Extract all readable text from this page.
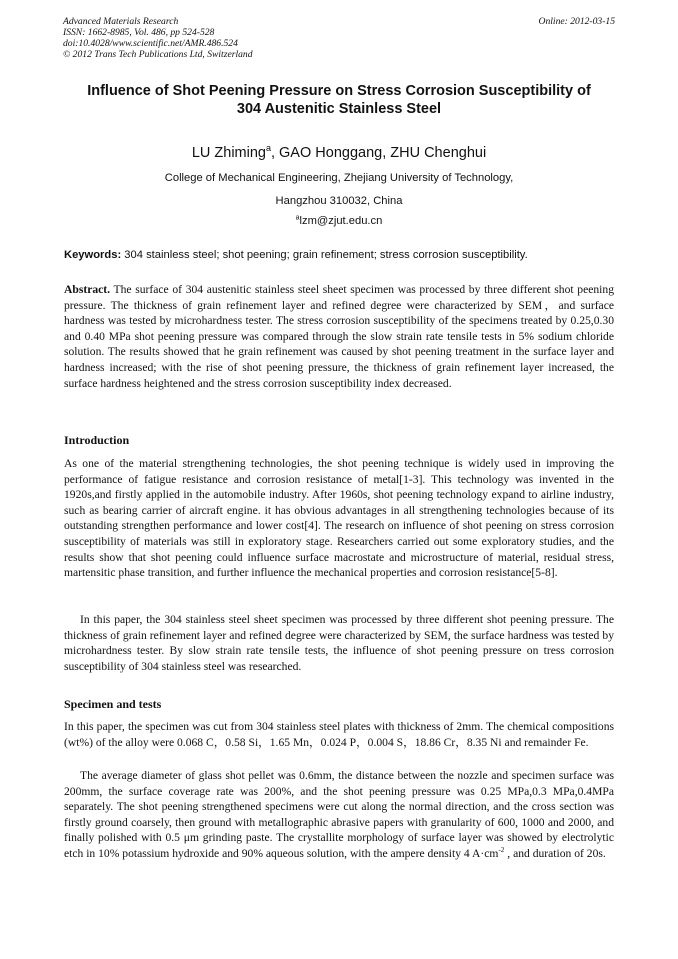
Advanced Materials Research
ISSN: 1662-8985, Vol. 486, pp 524-528
doi:10.4028/www.scientific.net/AMR.486.524
© 2012 Trans Tech Publications Ltd, Switzerland
Online: 2012-03-15
Influence of Shot Peening Pressure on Stress Corrosion Susceptibility of
304 Austenitic Stainless Steel
LU Zhiming$^a$, GAO Honggang, ZHU Chenghui
College of Mechanical Engineering, Zhejiang University of Technology,
Hangzhou 310032, China
$^a$lzm@zjut.edu.cn
Keywords: 304 stainless steel; shot peening; grain refinement; stress corrosion susceptibility.
Abstract. The surface of 304 austenitic stainless steel sheet specimen was processed by three different shot peening pressure. The thickness of grain refinement layer and refined degree were characterized by SEM，and surface hardness was tested by microhardness tester. The stress corrosion susceptibility of the specimens treated by 0.25,0.30 and 0.40 MPa shot peening pressure was compared through the slow strain rate tensile tests in 5% sodium chloride solution. The results showed that he grain refinement was caused by shot peening treatment in the surface layer and hardness increased; with the rise of shot peening pressure, the thickness of grain refinement layer increased, the surface hardness heightened and the stress corrosion susceptibility index decreased.
Introduction
As one of the material strengthening technologies, the shot peening technique is widely used in improving the performance of fatigue resistance and corrosion resistance of metal[1-3]. This technology was invented in the 1920s,and firstly applied in the automobile industry. After 1960s, shot peening technology expand to airline industry, such as bearing carrier of aircraft engine. it has obvious advantages in all strengthening technologies because of its outstanding strengthen performance and lower cost[4]. The research on influence of shot peening on stress corrosion susceptibility of materials was still in exploratory stage. Researchers carried out some exploratory studies, and the results show that shot peening could influence surface macrostate and microstructure of material, residual stress, martensitic phase transition, and further influence the mechanical properties and corrosion resistance[5-8].
In this paper, the 304 stainless steel sheet specimen was processed by three different shot peening pressure. The thickness of grain refinement layer and refined degree were characterized by SEM, the surface hardness was tested by microhardness tester. By slow strain rate tensile tests, the influence of shot peening pressure on tress corrosion susceptibility of 304 stainless steel was researched.
Specimen and tests
In this paper, the specimen was cut from 304 stainless steel plates with thickness of 2mm. The chemical compositions (wt%) of the alloy were 0.068 C，0.58 Si，1.65 Mn，0.024 P，0.004 S，18.86 Cr，8.35 Ni and remainder Fe.
The average diameter of glass shot pellet was 0.6mm, the distance between the nozzle and specimen surface was 200mm, the surface coverage rate was 200%, and the shot peening pressure was 0.25 MPa,0.3 MPa,0.4MPa separately. The shot peening strengthened specimens were cut along the normal direction, and the cross section was firstly ground coarsely, then ground with metallographic abrasive papers with granularity of 600, 1000 and 2000, and finally polished with 0.5 μm grinding paste. The crystallite morphology of surface layer was showed by electrolytic etch in 10% potassium hydroxide and 90% aqueous solution, with the ampere density 4 $A\cdot cm^{-2}$ , and duration of 20s.
